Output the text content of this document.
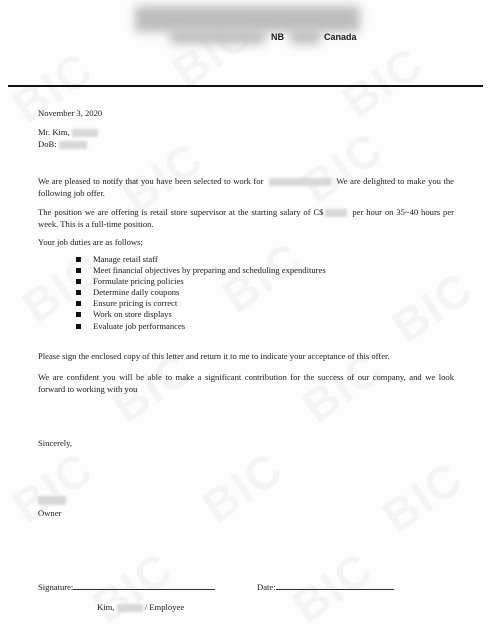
NB	Canada
November 3, 2020
Mr. Kim,
DoB:
We are pleased to notify that you have been selected to work for	We are delighted to make you the following job offer.
The position we are offering is retail store supervisor at the starting salary of C$	per hour on 35~40 hours per week. This is a full-time position.
Your job duties are as follows;
Manage retail staff
Meet financial objectives by preparing and scheduling expenditures
Formulate pricing policies
Determine daily coupons
Ensure pricing is correct
Work on store displays
Evaluate job performances
Please sign the enclosed copy of this letter and return it to me to indicate your acceptance of this offer.
We are confident you will be able to make a significant contribution for the success of our company, and we look forward to working with you
Sincerely,
Owner
Signature:	Date:
Kim,	/ Employee
